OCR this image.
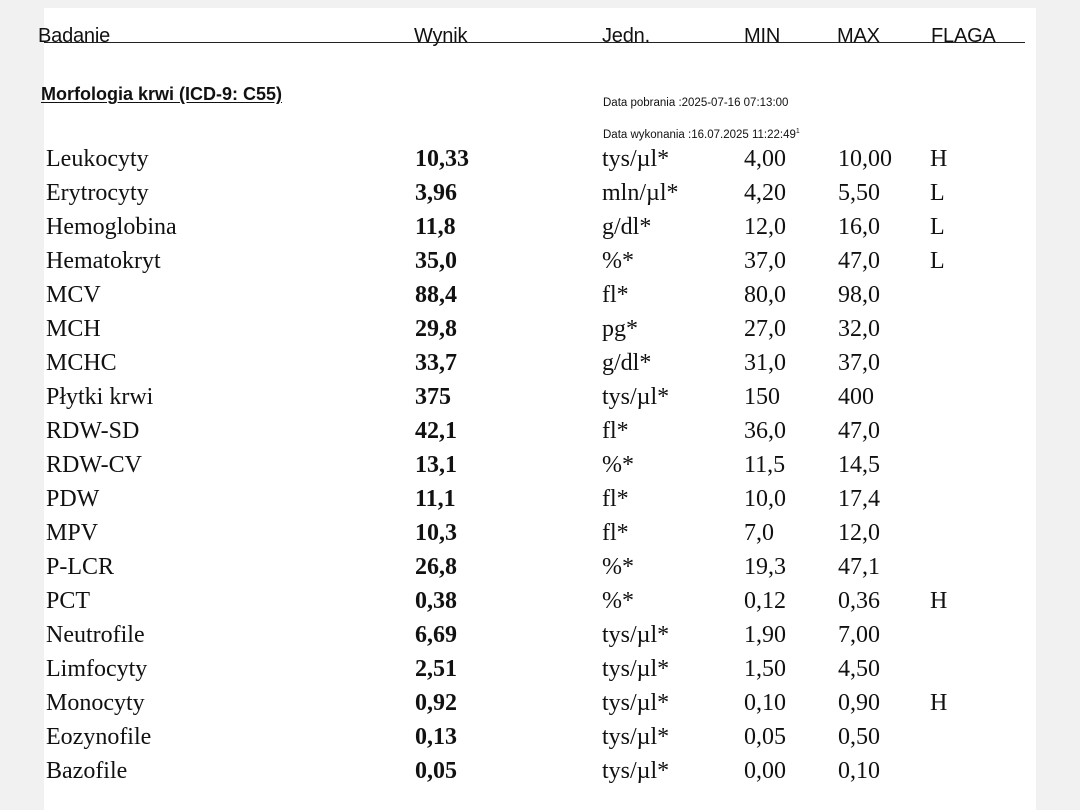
Badanie	Wynik	Jedn.	MIN	MAX	FLAGA
Morfologia krwi (ICD-9: C55)	Data pobrania :2025-07-16 07:13:00
Data wykonania :16.07.2025 $11:22:49^1$
Leukocyty	10,33	tys/µl*	4,00 10,00 H
Erytrocyty	3,96	mln/µl*	4,20 5,50 L
Hemoglobina	11,8	g/dl*	12,0 16,0 L
Hematokryt	35,0	%*	37,0 47,0 L
MCV	88,4	fl*	80,0 98,0
MCH	29,8	pg*	27,0 32,0
MCHC	33,7	g/dl*	31,0 37,0
Płytki krwi	375	tys/µl*	150 400
RDW-SD	42,1	fl*	36,0 47,0
RDW-CV	13,1	%*	11,5 14,5
PDW	11,1	fl*	10,0 17,4
MPV	10,3	fl*	7,0	12,0
P-LCR	26,8	%*	19,3 47,1
PCT	0,38	%*	0,12 0,36 H
Neutrofile	6,69	tys/µl*	1,90 7,00
Limfocyty	2,51	tys/µl*	1,50 4,50
Monocyty	0,92	tys/µl*	0,10 0,90 H
Eozynofile	0,13	tys/µl*	0,05 0,50
Bazofile	0,05	tys/µl*	0,00 0,10
